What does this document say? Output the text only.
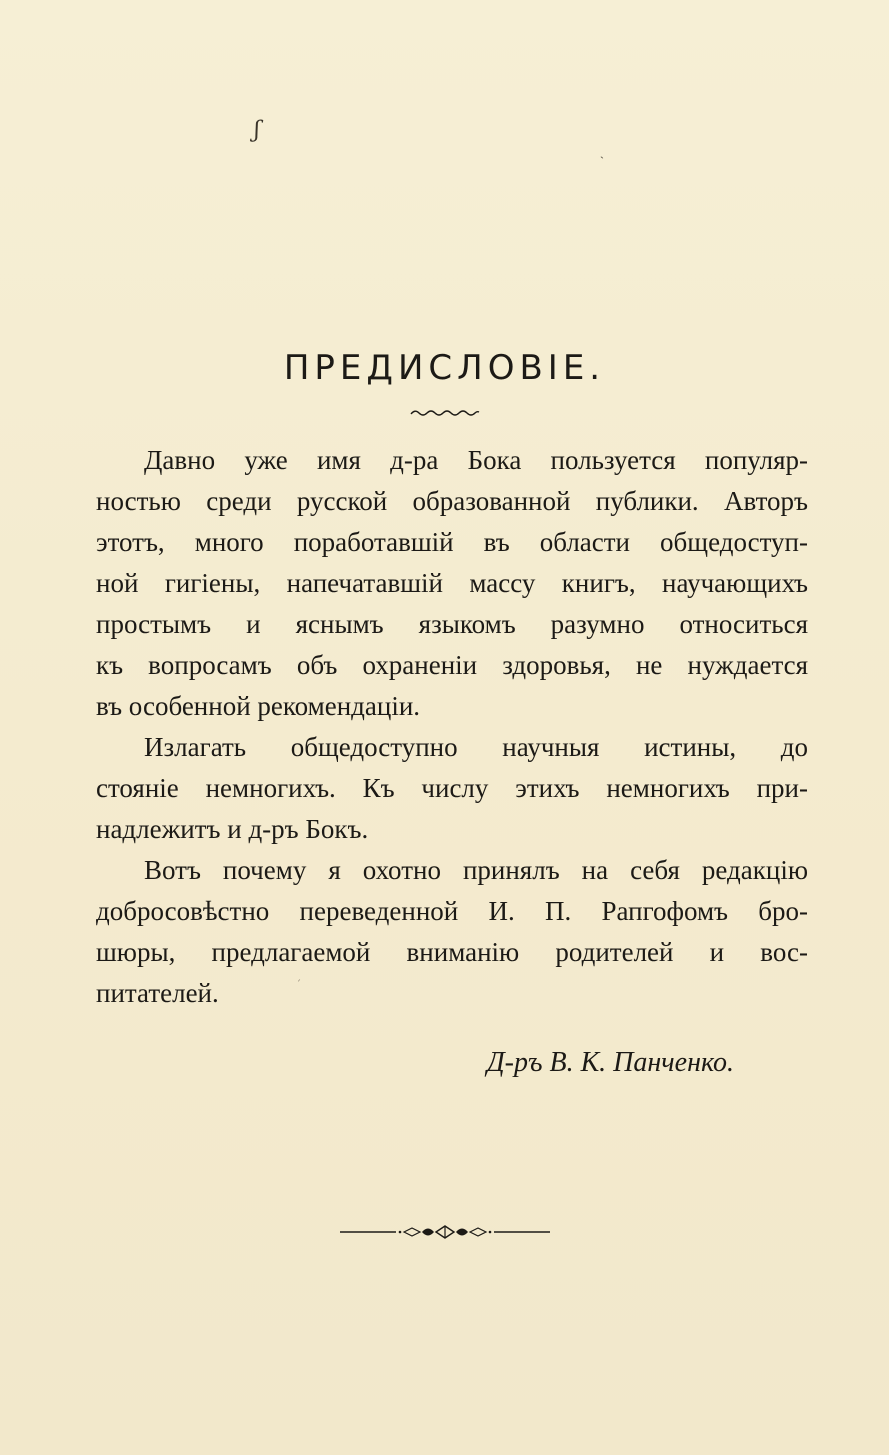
ʃ
ˎ
ˊ
ПРЕДИСЛОВІЕ.
Давно уже имя д-ра Бока пользуется популяр-
ностью среди русской образованной публики. Авторъ
этотъ, много поработавшій въ области общедоступ-
ной гигіены, напечатавшій массу книгъ, научающихъ
простымъ и яснымъ языкомъ разумно относиться
къ вопросамъ объ охраненіи здоровья, не нуждается
въ особенной рекомендаціи.
Излагать общедоступно научныя истины, до
стояніе немногихъ. Къ числу этихъ немногихъ при-
надлежитъ и д-ръ Бокъ.
Вотъ почему я охотно принялъ на себя редакцію
добросовѣстно переведенной И. П. Рапгофомъ бро-
шюры, предлагаемой вниманію родителей и вос-
питателей.
Д-ръ В. К. Панченко.
